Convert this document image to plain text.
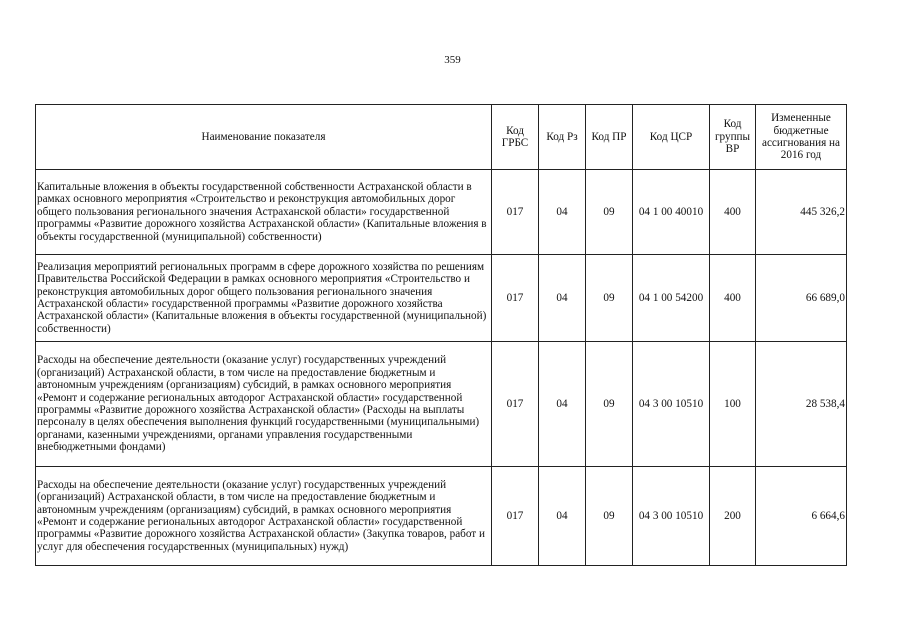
359
Наименование показателя	Код ГРБС	Код Рз	Код ПР	Код ЦСР	Код группы ВР	Измененные бюджетные ассигнования на 2016 год
Капитальные вложения в объекты государственной собственности Астраханской области в рамках основного мероприятия «Строительство и реконструкция автомобильных дорог общего пользования регионального значения Астраханской области» государственной программы «Развитие дорожного хозяйства Астраханской области» (Капитальные вложения в объекты государственной (муниципальной) собственности)	017	04	09	04 1 00 40010	400	445 326,2
Реализация мероприятий региональных программ в сфере дорожного хозяйства по решениям Правительства Российской Федерации в рамках основного мероприятия «Строительство и реконструкция автомобильных дорог общего пользования регионального значения Астраханской области» государственной программы «Развитие дорожного хозяйства Астраханской области» (Капитальные вложения в объекты государственной (муниципальной) собственности)	017	04	09	04 1 00 54200	400	66 689,0
Расходы на обеспечение деятельности (оказание услуг) государственных учреждений (организаций) Астраханской области, в том числе на предоставление бюджетным и автономным учреждениям (организациям) субсидий, в рамках основного мероприятия «Ремонт и содержание региональных автодорог Астраханской области» государственной программы «Развитие дорожного хозяйства Астраханской области» (Расходы на выплаты персоналу в целях обеспечения выполнения функций государственными (муниципальными) органами, казенными учреждениями, органами управления государственными внебюджетными фондами)	017	04	09	04 3 00 10510	100	28 538,4
Расходы на обеспечение деятельности (оказание услуг) государственных учреждений (организаций) Астраханской области, в том числе на предоставление бюджетным и автономным учреждениям (организациям) субсидий, в рамках основного мероприятия «Ремонт и содержание региональных автодорог Астраханской области» государственной программы «Развитие дорожного хозяйства Астраханской области» (Закупка товаров, работ и услуг для обеспечения государственных (муниципальных) нужд)	017	04	09	04 3 00 10510	200	6 664,6
